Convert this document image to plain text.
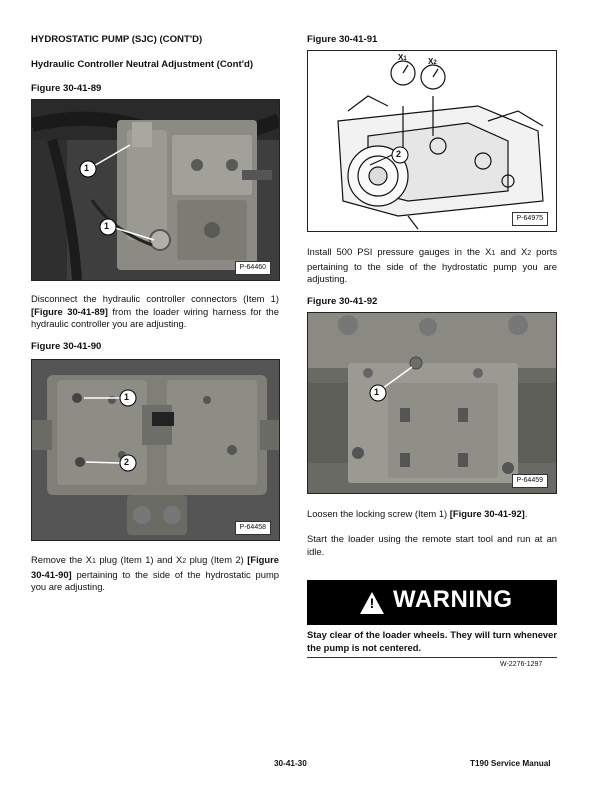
HYDROSTATIC PUMP (SJC) (CONT'D)
Hydraulic Controller Neutral Adjustment (Cont'd)
Figure 30-41-89
1
1
P-64460
Disconnect the hydraulic controller connectors (Item 1) [Figure 30-41-89] from the loader wiring harness for the hydraulic controller you are adjusting.
Figure 30-41-90
1
2
P-64458
Remove the X1 plug (Item 1) and X2 plug (Item 2) [Figure 30-41-90] pertaining to the side of the hydrostatic pump you are adjusting.
Figure 30-41-91
X1	X2
2
P-64975
Install 500 PSI pressure gauges in the X1 and X2 ports pertaining to the side of the hydrostatic pump you are adjusting.
Figure 30-41-92
1
P-64459
Loosen the locking screw (Item 1) [Figure 30-41-92].
Start the loader using the remote start tool and run at an idle.
! WARNING
Stay clear of the loader wheels. They will turn whenever the pump is not centered.
W-2276-1297
30-41-30	T190 Service Manual
